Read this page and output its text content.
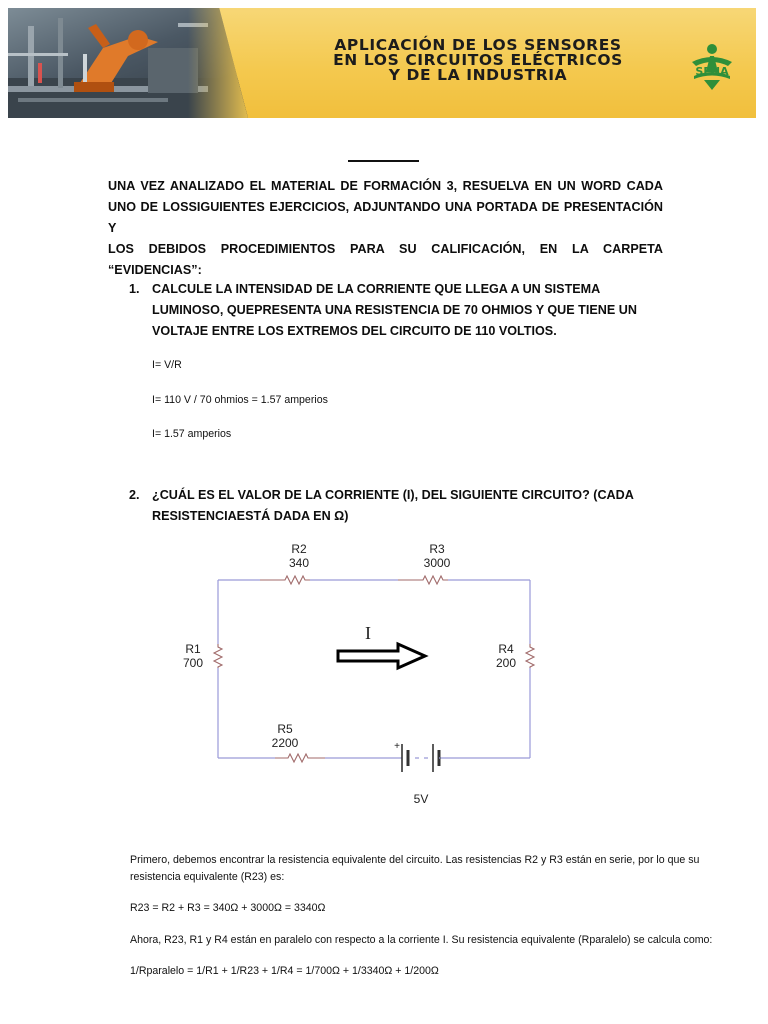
APLICACIÓN DE LOS SENSORES
EN LOS CIRCUITOS ELÉCTRICOS
Y DE LA INDUSTRIA	SENA
UNA VEZ ANALIZADO EL MATERIAL DE FORMACIÓN 3, RESUELVA EN UN WORD CADA
UNO DE LOSSIGUIENTES EJERCICIOS, ADJUNTANDO UNA PORTADA DE PRESENTACIÓN Y
LOS DEBIDOS PROCEDIMIENTOS PARA SU CALIFICACIÓN, EN LA CARPETA “EVIDENCIAS”:
1. CALCULE LA INTENSIDAD DE LA CORRIENTE QUE LLEGA A UN SISTEMA
LUMINOSO, QUEPRESENTA UNA RESISTENCIA DE 70 OHMIOS Y QUE TIENE UN
VOLTAJE ENTRE LOS EXTREMOS DEL CIRCUITO DE 110 VOLTIOS.
I= V/R
I= 110 V / 70 ohmios = 1.57 amperios
I= 1.57 amperios
2. ¿CUÁL ES EL VALOR DE LA CORRIENTE (I), DEL SIGUIENTE CIRCUITO? (CADA
RESISTENCIAESTÁ DADA EN Ω)
R2
340
R3
3000
R1
700
R4
200
R5
2200
I
+
5V
Primero, debemos encontrar la resistencia equivalente del circuito. Las resistencias R2 y R3 están en serie, por lo que su
resistencia equivalente (R23) es:
R23 = R2 + R3 = 340Ω + 3000Ω = 3340Ω
Ahora, R23, R1 y R4 están en paralelo con respecto a la corriente I. Su resistencia equivalente (Rparalelo) se calcula como:
1/Rparalelo = 1/R1 + 1/R23 + 1/R4 = 1/700Ω + 1/3340Ω + 1/200Ω
